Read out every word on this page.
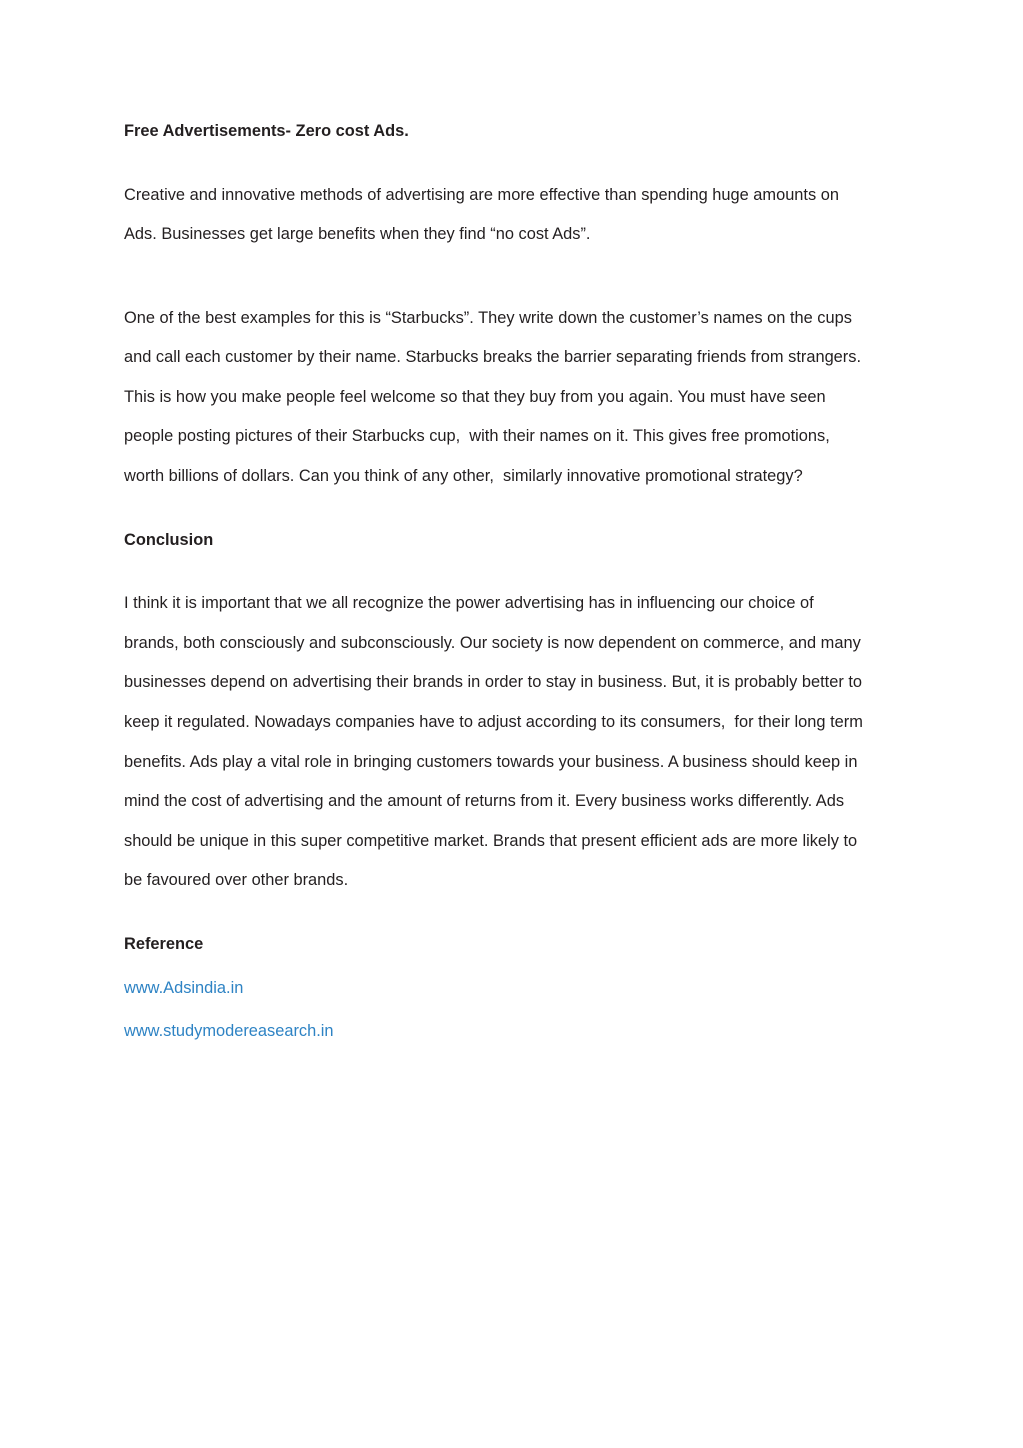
Free Advertisements- Zero cost Ads.

Creative and innovative methods of advertising are more effective than spending huge amounts on

Ads. Businesses get large benefits when they find “no cost Ads”.

One of the best examples for this is “Starbucks”. They write down the customer’s names on the cups

and call each customer by their name. Starbucks breaks the barrier separating friends from strangers.

This is how you make people feel welcome so that they buy from you again. You must have seen

people posting pictures of their Starbucks cup,  with their names on it. This gives free promotions,

worth billions of dollars. Can you think of any other,  similarly innovative promotional strategy?

Conclusion

I think it is important that we all recognize the power advertising has in influencing our choice of

brands, both consciously and subconsciously. Our society is now dependent on commerce, and many

businesses depend on advertising their brands in order to stay in business. But, it is probably better to

keep it regulated. Nowadays companies have to adjust according to its consumers,  for their long term

benefits. Ads play a vital role in bringing customers towards your business. A business should keep in

mind the cost of advertising and the amount of returns from it. Every business works differently. Ads

should be unique in this super competitive market. Brands that present efficient ads are more likely to

be favoured over other brands.

Reference
www.Adsindia.in
www.studymodereasearch.in
